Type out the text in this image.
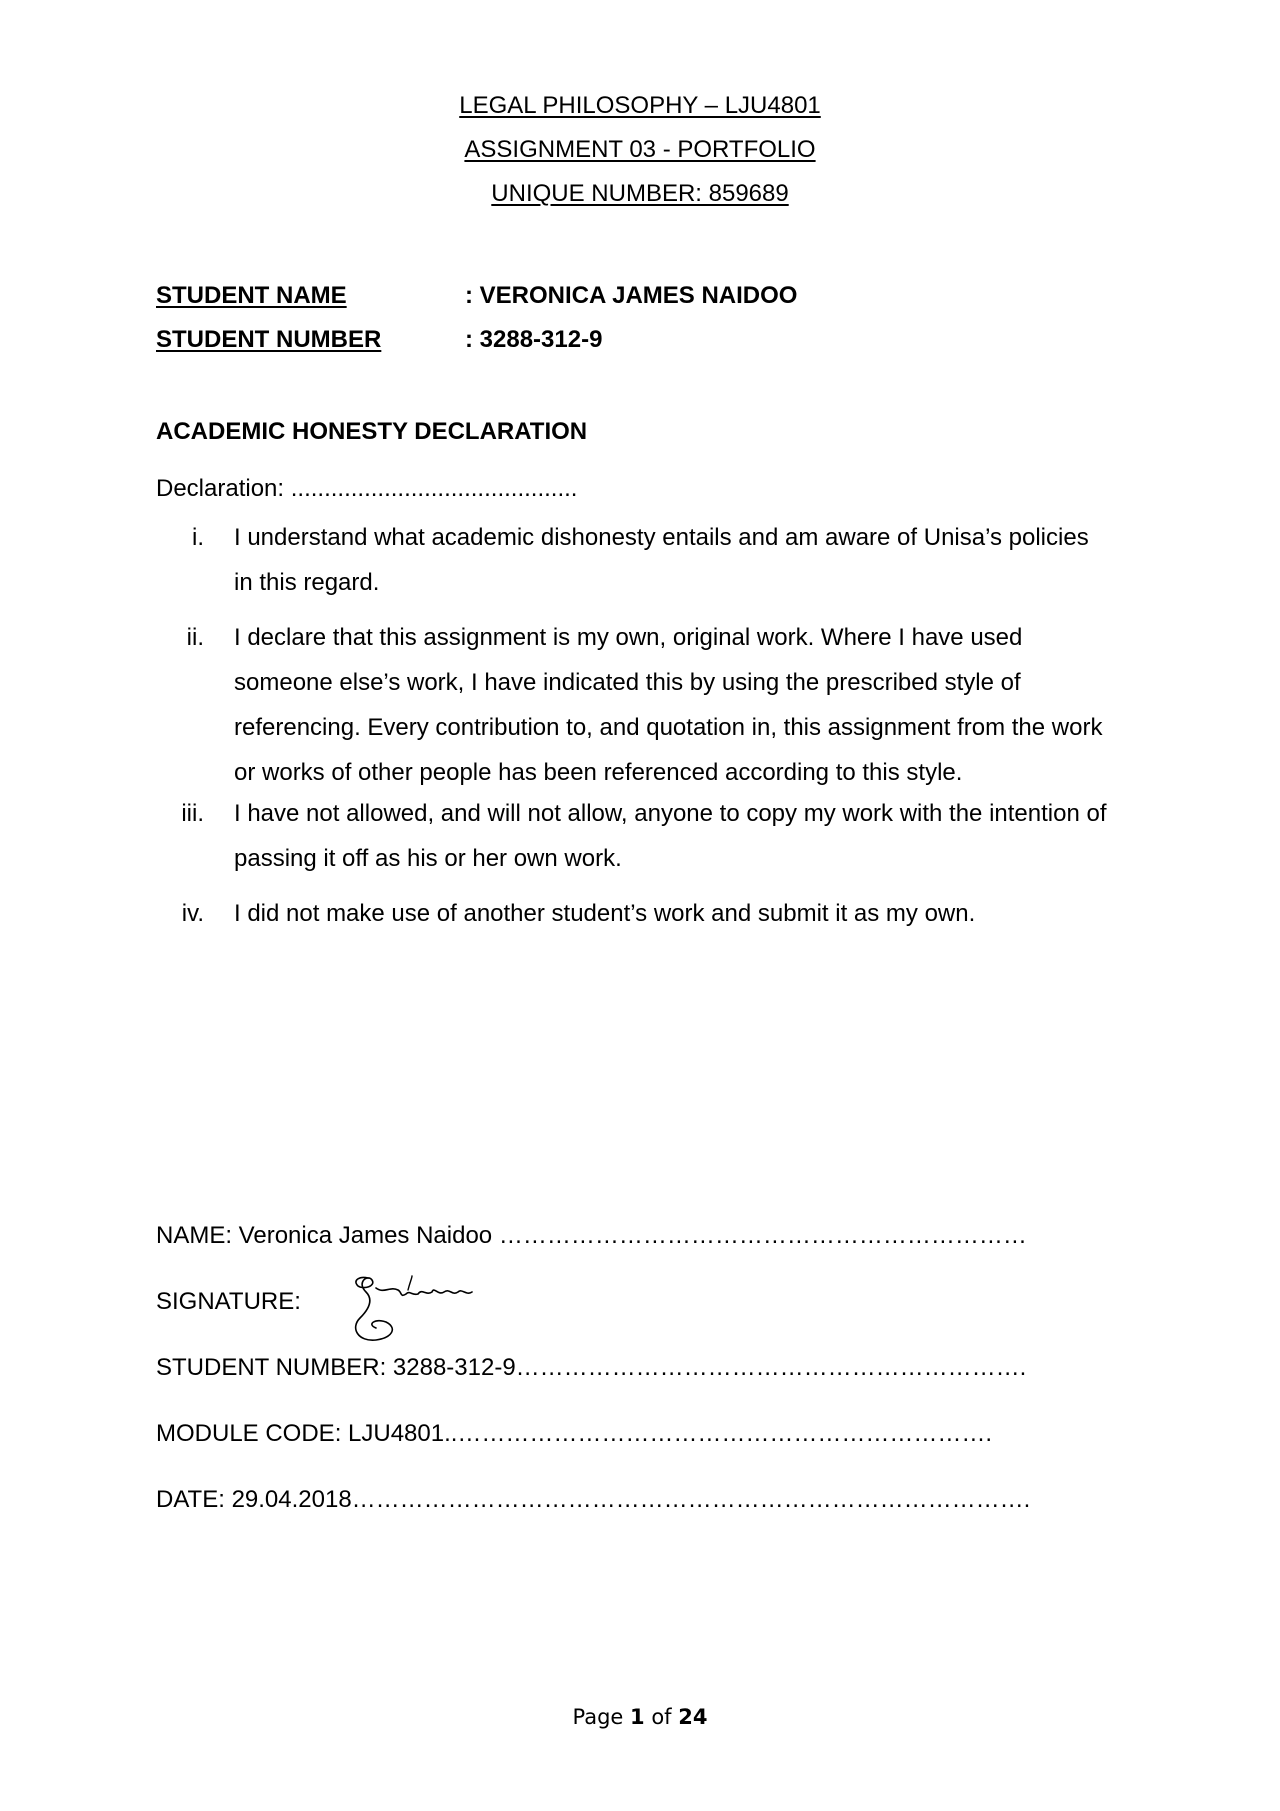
LEGAL PHILOSOPHY – LJU4801
ASSIGNMENT 03 - PORTFOLIO
UNIQUE NUMBER: 859689
STUDENT NAME	: VERONICA JAMES NAIDOO
STUDENT NUMBER	: 3288-312-9
ACADEMIC HONESTY DECLARATION
Declaration: ...........................................
i. I understand what academic dishonesty entails and am aware of Unisa’s policies in this regard.
ii. I declare that this assignment is my own, original work. Where I have used someone else’s work, I have indicated this by using the prescribed style of referencing. Every contribution to, and quotation in, this assignment from the work or works of other people has been referenced according to this style.
iii. I have not allowed, and will not allow, anyone to copy my work with the intention of passing it off as his or her own work.
iv. I did not make use of another student’s work and submit it as my own.
NAME: Veronica James Naidoo …………………………………………………………
SIGNATURE:
STUDENT NUMBER: 3288-312-9……………………………………………………….
MODULE CODE: LJU4801..………………………………………………………….
DATE: 29.04.2018………………………………………………………………………….
Page 1 of 24
